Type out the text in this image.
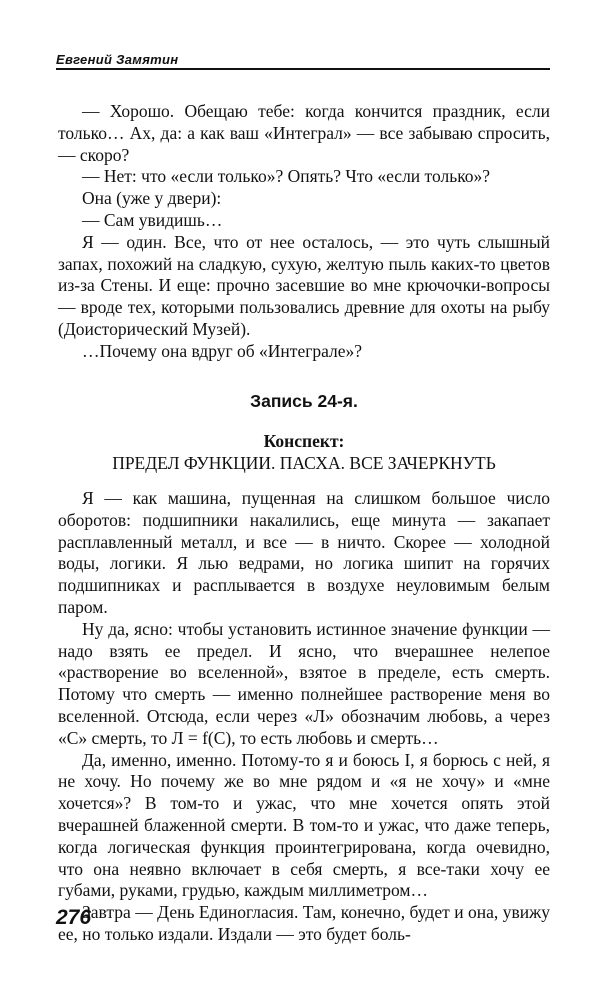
Евгений Замятин

— Хорошо. Обещаю тебе: когда кончится праздник, если только… Ах, да: а как ваш «Интеграл» — все забываю спросить, — скоро?

— Нет: что «если только»? Опять? Что «если только»?

Она (уже у двери):

— Сам увидишь…

Я — один. Все, что от нее осталось, — это чуть слышный запах, похожий на сладкую, сухую, желтую пыль каких-то цветов из-за Стены. И еще: прочно засевшие во мне крючочки-вопросы — вроде тех, которыми пользовались древние для охоты на рыбу (Доисторический Музей).

…Почему она вдруг об «Интеграле»?

Запись 24-я.

Конспект:

ПРЕДЕЛ ФУНКЦИИ. ПАСХА. ВСЕ ЗАЧЕРКНУТЬ

Я — как машина, пущенная на слишком большое число оборотов: подшипники накалились, еще минута — закапает расплавленный металл, и все — в ничто. Скорее — холодной воды, логики. Я лью ведрами, но логика шипит на горячих подшипниках и расплывается в воздухе неуловимым белым паром.

Ну да, ясно: чтобы установить истинное значение функции — надо взять ее предел. И ясно, что вчерашнее нелепое «растворение во вселенной», взятое в пределе, есть смерть. Потому что смерть — именно полнейшее растворение меня во вселенной. Отсюда, если через «Л» обозначим любовь, а через «С» смерть, то Л = f(С), то есть любовь и смерть…

Да, именно, именно. Потому-то я и боюсь I, я борюсь с ней, я не хочу. Но почему же во мне рядом и «я не хочу» и «мне хочется»? В том-то и ужас, что мне хочется опять этой вчерашней блаженной смерти. В том-то и ужас, что даже теперь, когда логическая функция проинтегрирована, когда очевидно, что она неявно включает в себя смерть, я все-таки хочу ее губами, руками, грудью, каждым миллиметром…

Завтра — День Единогласия. Там, конечно, будет и она, увижу ее, но только издали. Издали — это будет боль-

276
